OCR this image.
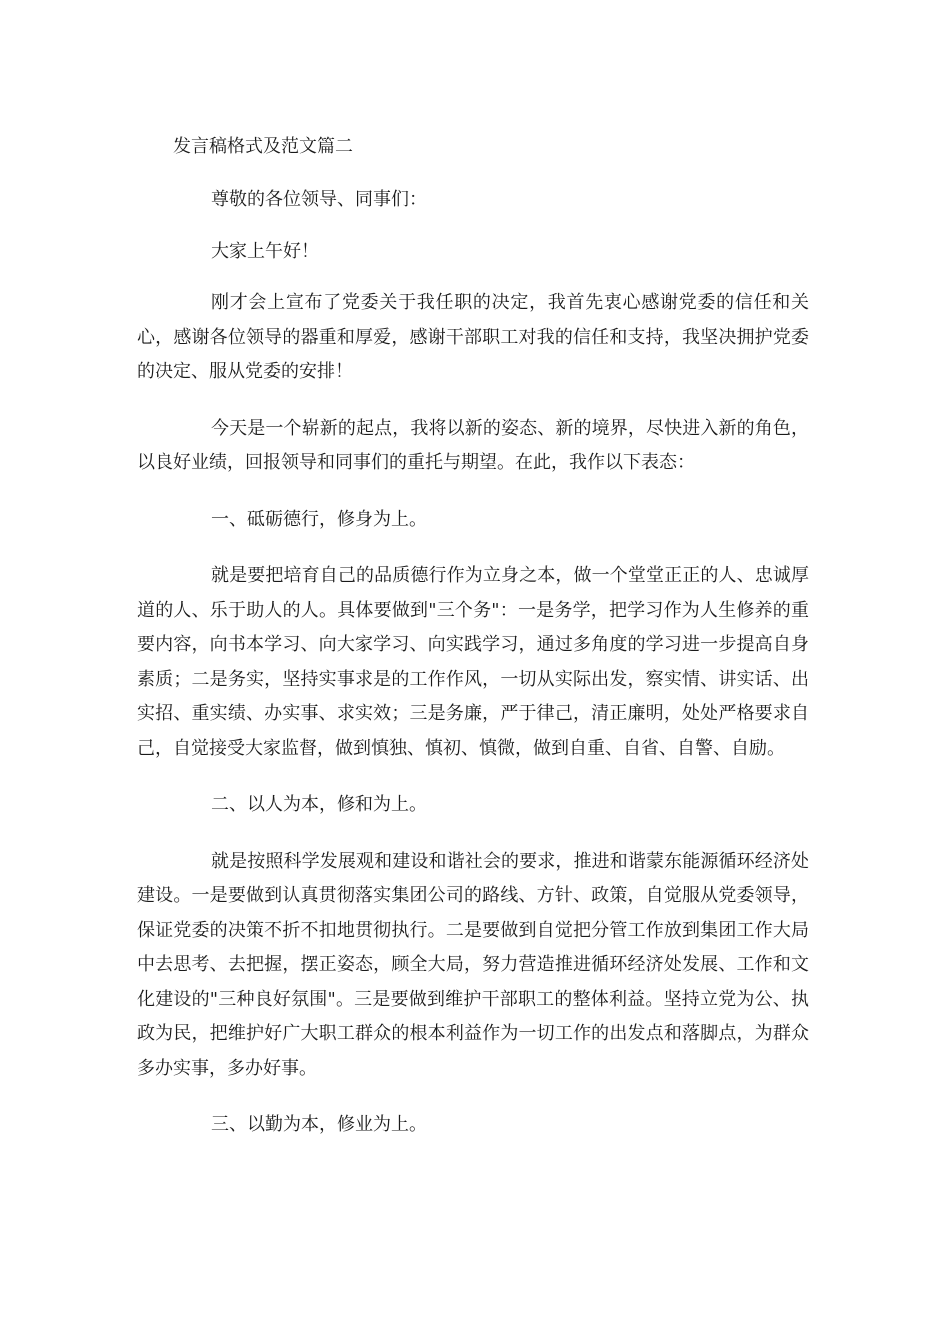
发言稿格式及范文篇二

尊敬的各位领导、同事们：

大家上午好！

刚才会上宣布了党委关于我任职的决定，我首先衷心感谢党委的信任和关心，感谢各位领导的器重和厚爱，感谢干部职工对我的信任和支持，我坚决拥护党委的决定、服从党委的安排！

今天是一个崭新的起点，我将以新的姿态、新的境界，尽快进入新的角色，以良好业绩，回报领导和同事们的重托与期望。在此，我作以下表态：

一、砥砺德行，修身为上。

就是要把培育自己的品质德行作为立身之本，做一个堂堂正正的人、忠诚厚道的人、乐于助人的人。具体要做到"三个务"：一是务学，把学习作为人生修养的重要内容，向书本学习、向大家学习、向实践学习，通过多角度的学习进一步提高自身素质；二是务实，坚持实事求是的工作作风，一切从实际出发，察实情、讲实话、出实招、重实绩、办实事、求实效；三是务廉，严于律己，清正廉明，处处严格要求自己，自觉接受大家监督，做到慎独、慎初、慎微，做到自重、自省、自警、自励。

二、以人为本，修和为上。

就是按照科学发展观和建设和谐社会的要求，推进和谐蒙东能源循环经济处建设。一是要做到认真贯彻落实集团公司的路线、方针、政策，自觉服从党委领导，保证党委的决策不折不扣地贯彻执行。二是要做到自觉把分管工作放到集团工作大局中去思考、去把握，摆正姿态，顾全大局，努力营造推进循环经济处发展、工作和文化建设的"三种良好氛围"。三是要做到维护干部职工的整体利益。坚持立党为公、执政为民，把维护好广大职工群众的根本利益作为一切工作的出发点和落脚点，为群众多办实事，多办好事。

三、以勤为本，修业为上。
